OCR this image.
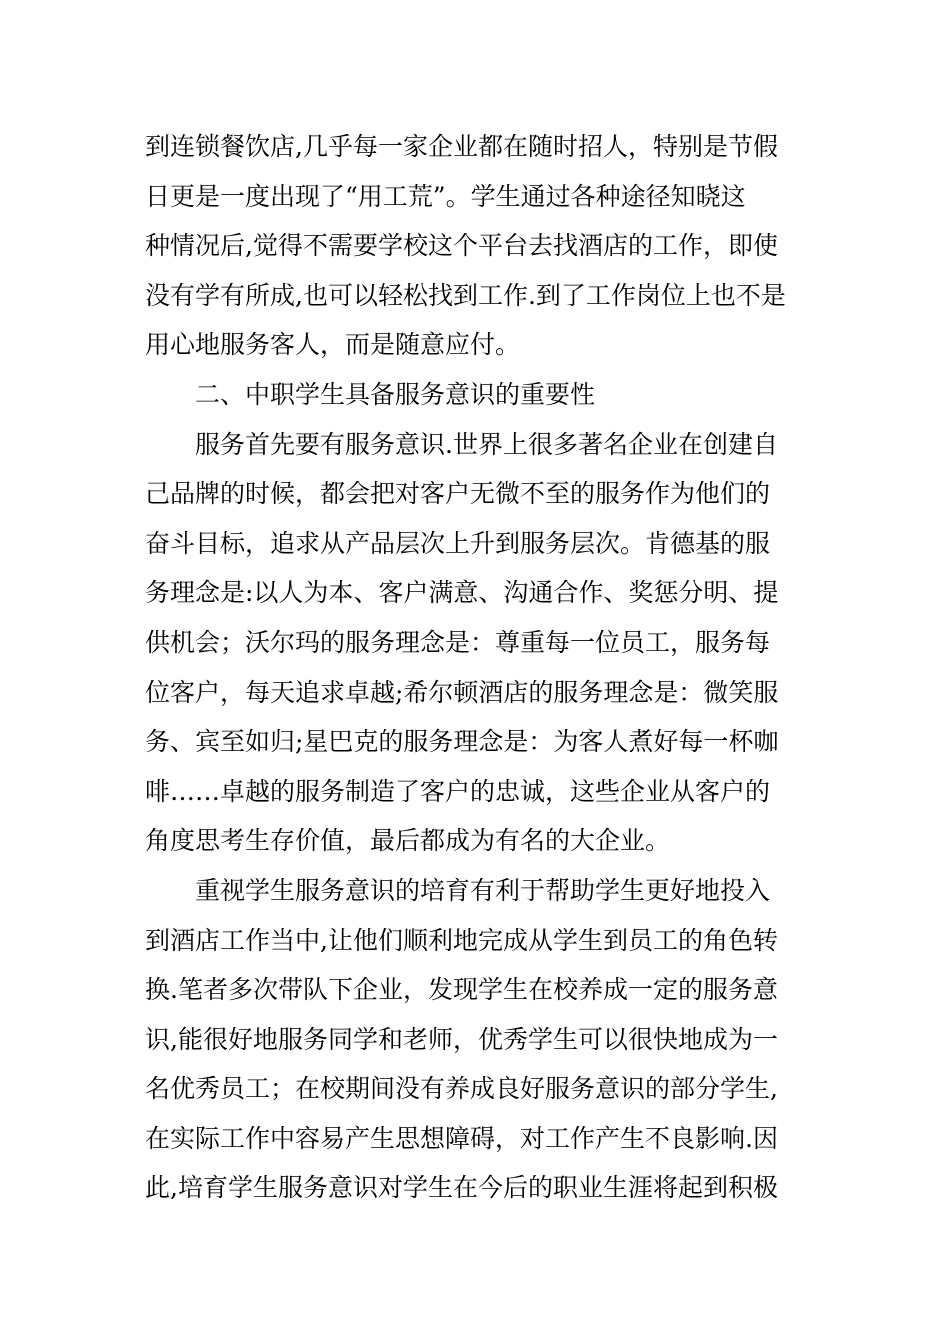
到连锁餐饮店,几乎每一家企业都在随时招人，特别是节假
日更是一度出现了“用工荒”。学生通过各种途径知晓这
种情况后,觉得不需要学校这个平台去找酒店的工作，即使
没有学有所成,也可以轻松找到工作.到了工作岗位上也不是
用心地服务客人，而是随意应付。

二、中职学生具备服务意识的重要性

服务首先要有服务意识.世界上很多著名企业在创建自
己品牌的时候，都会把对客户无微不至的服务作为他们的
奋斗目标，追求从产品层次上升到服务层次。肯德基的服
务理念是:以人为本、客户满意、沟通合作、奖惩分明、提
供机会；沃尔玛的服务理念是：尊重每一位员工，服务每
位客户，每天追求卓越;希尔顿酒店的服务理念是：微笑服
务、宾至如归;星巴克的服务理念是：为客人煮好每一杯咖
啡……卓越的服务制造了客户的忠诚，这些企业从客户的
角度思考生存价值，最后都成为有名的大企业。

重视学生服务意识的培育有利于帮助学生更好地投入
到酒店工作当中,让他们顺利地完成从学生到员工的角色转
换.笔者多次带队下企业，发现学生在校养成一定的服务意
识,能很好地服务同学和老师，优秀学生可以很快地成为一
名优秀员工；在校期间没有养成良好服务意识的部分学生,
在实际工作中容易产生思想障碍，对工作产生不良影响.因
此,培育学生服务意识对学生在今后的职业生涯将起到积极
